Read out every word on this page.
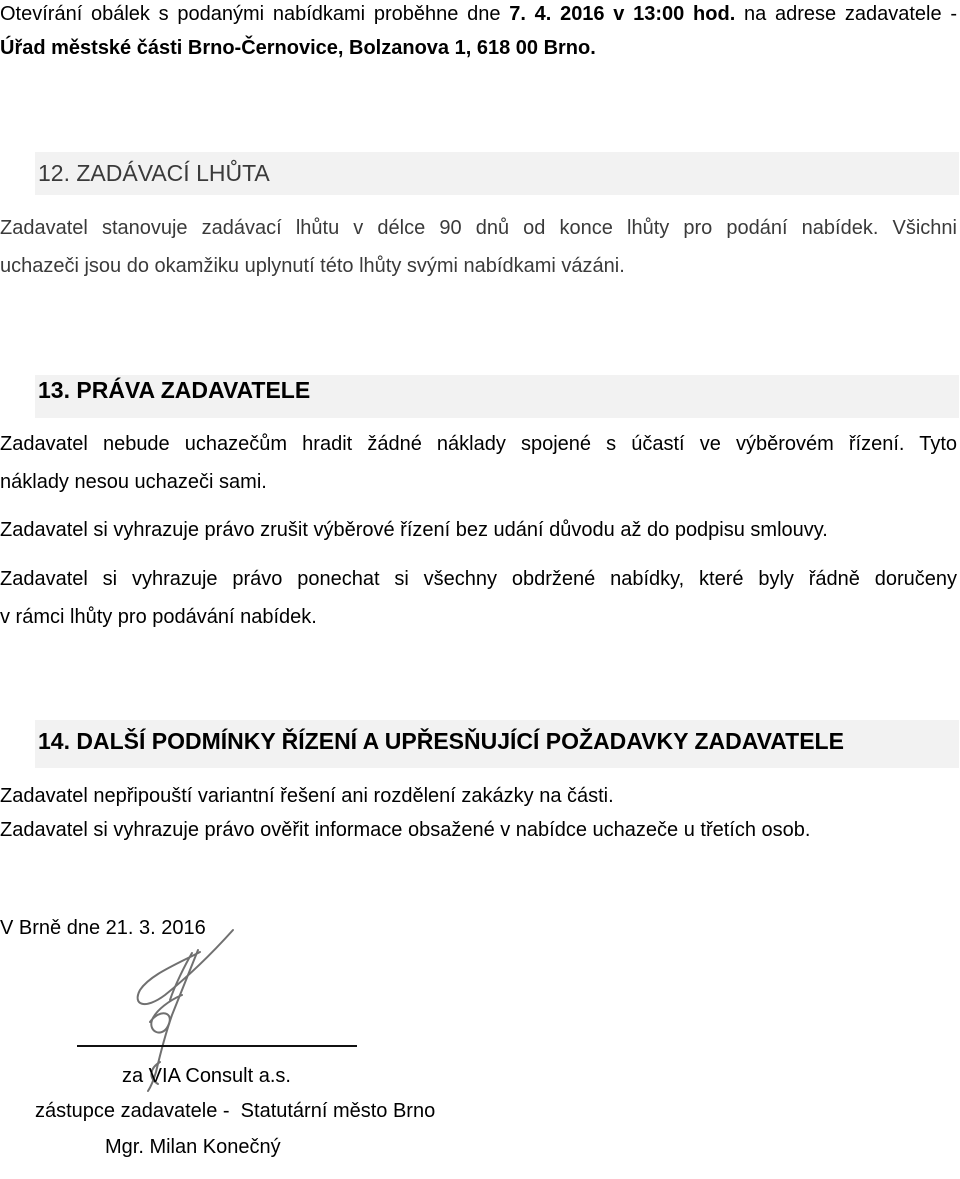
Otevírání obálek s podanými nabídkami proběhne dne 7. 4. 2016 v 13:00 hod. na adrese zadavatele -
Úřad městské části Brno-Černovice, Bolzanova 1, 618 00 Brno.
12. ZADÁVACÍ LHŮTA
Zadavatel stanovuje zadávací lhůtu v délce 90 dnů od konce lhůty pro podání nabídek. Všichni
uchazeči jsou do okamžiku uplynutí této lhůty svými nabídkami vázáni.
13. PRÁVA ZADAVATELE
Zadavatel nebude uchazečům hradit žádné náklady spojené s účastí ve výběrovém řízení. Tyto
náklady nesou uchazeči sami.
Zadavatel si vyhrazuje právo zrušit výběrové řízení bez udání důvodu až do podpisu smlouvy.
Zadavatel si vyhrazuje právo ponechat si všechny obdržené nabídky, které byly řádně doručeny
v rámci lhůty pro podávání nabídek.
14. DALŠÍ PODMÍNKY ŘÍZENÍ A UPŘESŇUJÍCÍ POŽADAVKY ZADAVATELE
Zadavatel nepřipouští variantní řešení ani rozdělení zakázky na části.
Zadavatel si vyhrazuje právo ověřit informace obsažené v nabídce uchazeče u třetích osob.
V Brně dne 21. 3. 2016
za VIA Consult a.s.
zástupce zadavatele -  Statutární město Brno
Mgr. Milan Konečný
